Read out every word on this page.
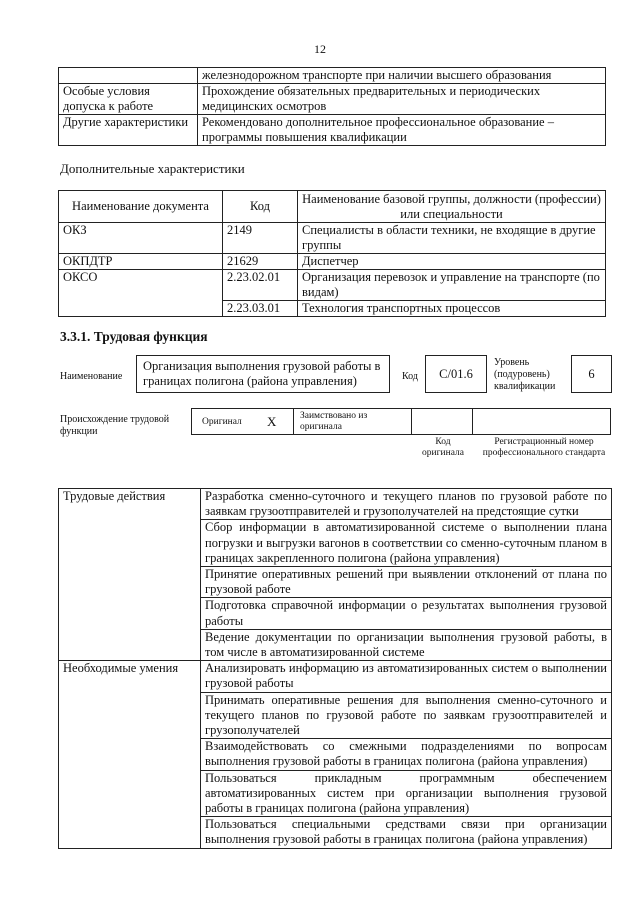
12
	железнодорожном транспорте при наличии высшего образования
Особые условия допуска к работе	Прохождение обязательных предварительных и периодических медицинских осмотров
Другие характеристики	Рекомендовано дополнительное профессиональное образование – программы повышения квалификации
Дополнительные характеристики
Наименование документа	Код	Наименование базовой группы, должности (профессии) или специальности
ОКЗ	2149	Специалисты в области техники, не входящие в другие группы
ОКПДТР	21629	Диспетчер
ОКСО	2.23.02.01	Организация перевозок и управление на транспорте (по видам)
	2.23.03.01	Технология транспортных процессов
3.3.1. Трудовая функция
Наименование
Организация выполнения грузовой работы в границах полигона (района управления)	Код	C/01.6
Уровень (подуровень) квалификации
6
Происхождение трудовой функции
Оригинал X Заимствовано из оригинала
Код оригинала
Регистрационный номер профессионального стандарта
Трудовые действия	Разработка сменно-суточного и текущего планов по грузовой работе по заявкам грузоотправителей и грузополучателей на предстоящие сутки
	Сбор информации в автоматизированной системе о выполнении плана погрузки и выгрузки вагонов в соответствии со сменно-суточным планом в границах закрепленного полигона (района управления)
	Принятие оперативных решений при выявлении отклонений от плана по грузовой работе
	Подготовка справочной информации о результатах выполнения грузовой работы
	Ведение документации по организации выполнения грузовой работы, в том числе в автоматизированной системе
Необходимые умения	Анализировать информацию из автоматизированных систем о выполнении грузовой работы
	Принимать оперативные решения для выполнения сменно-суточного и текущего планов по грузовой работе по заявкам грузоотправителей и грузополучателей
	Взаимодействовать со смежными подразделениями по вопросам выполнения грузовой работы в границах полигона (района управления)
	Пользоваться прикладным программным обеспечением автоматизированных систем при организации выполнения грузовой работы в границах полигона (района управления)
	Пользоваться специальными средствами связи при организации выполнения грузовой работы в границах полигона (района управления)
